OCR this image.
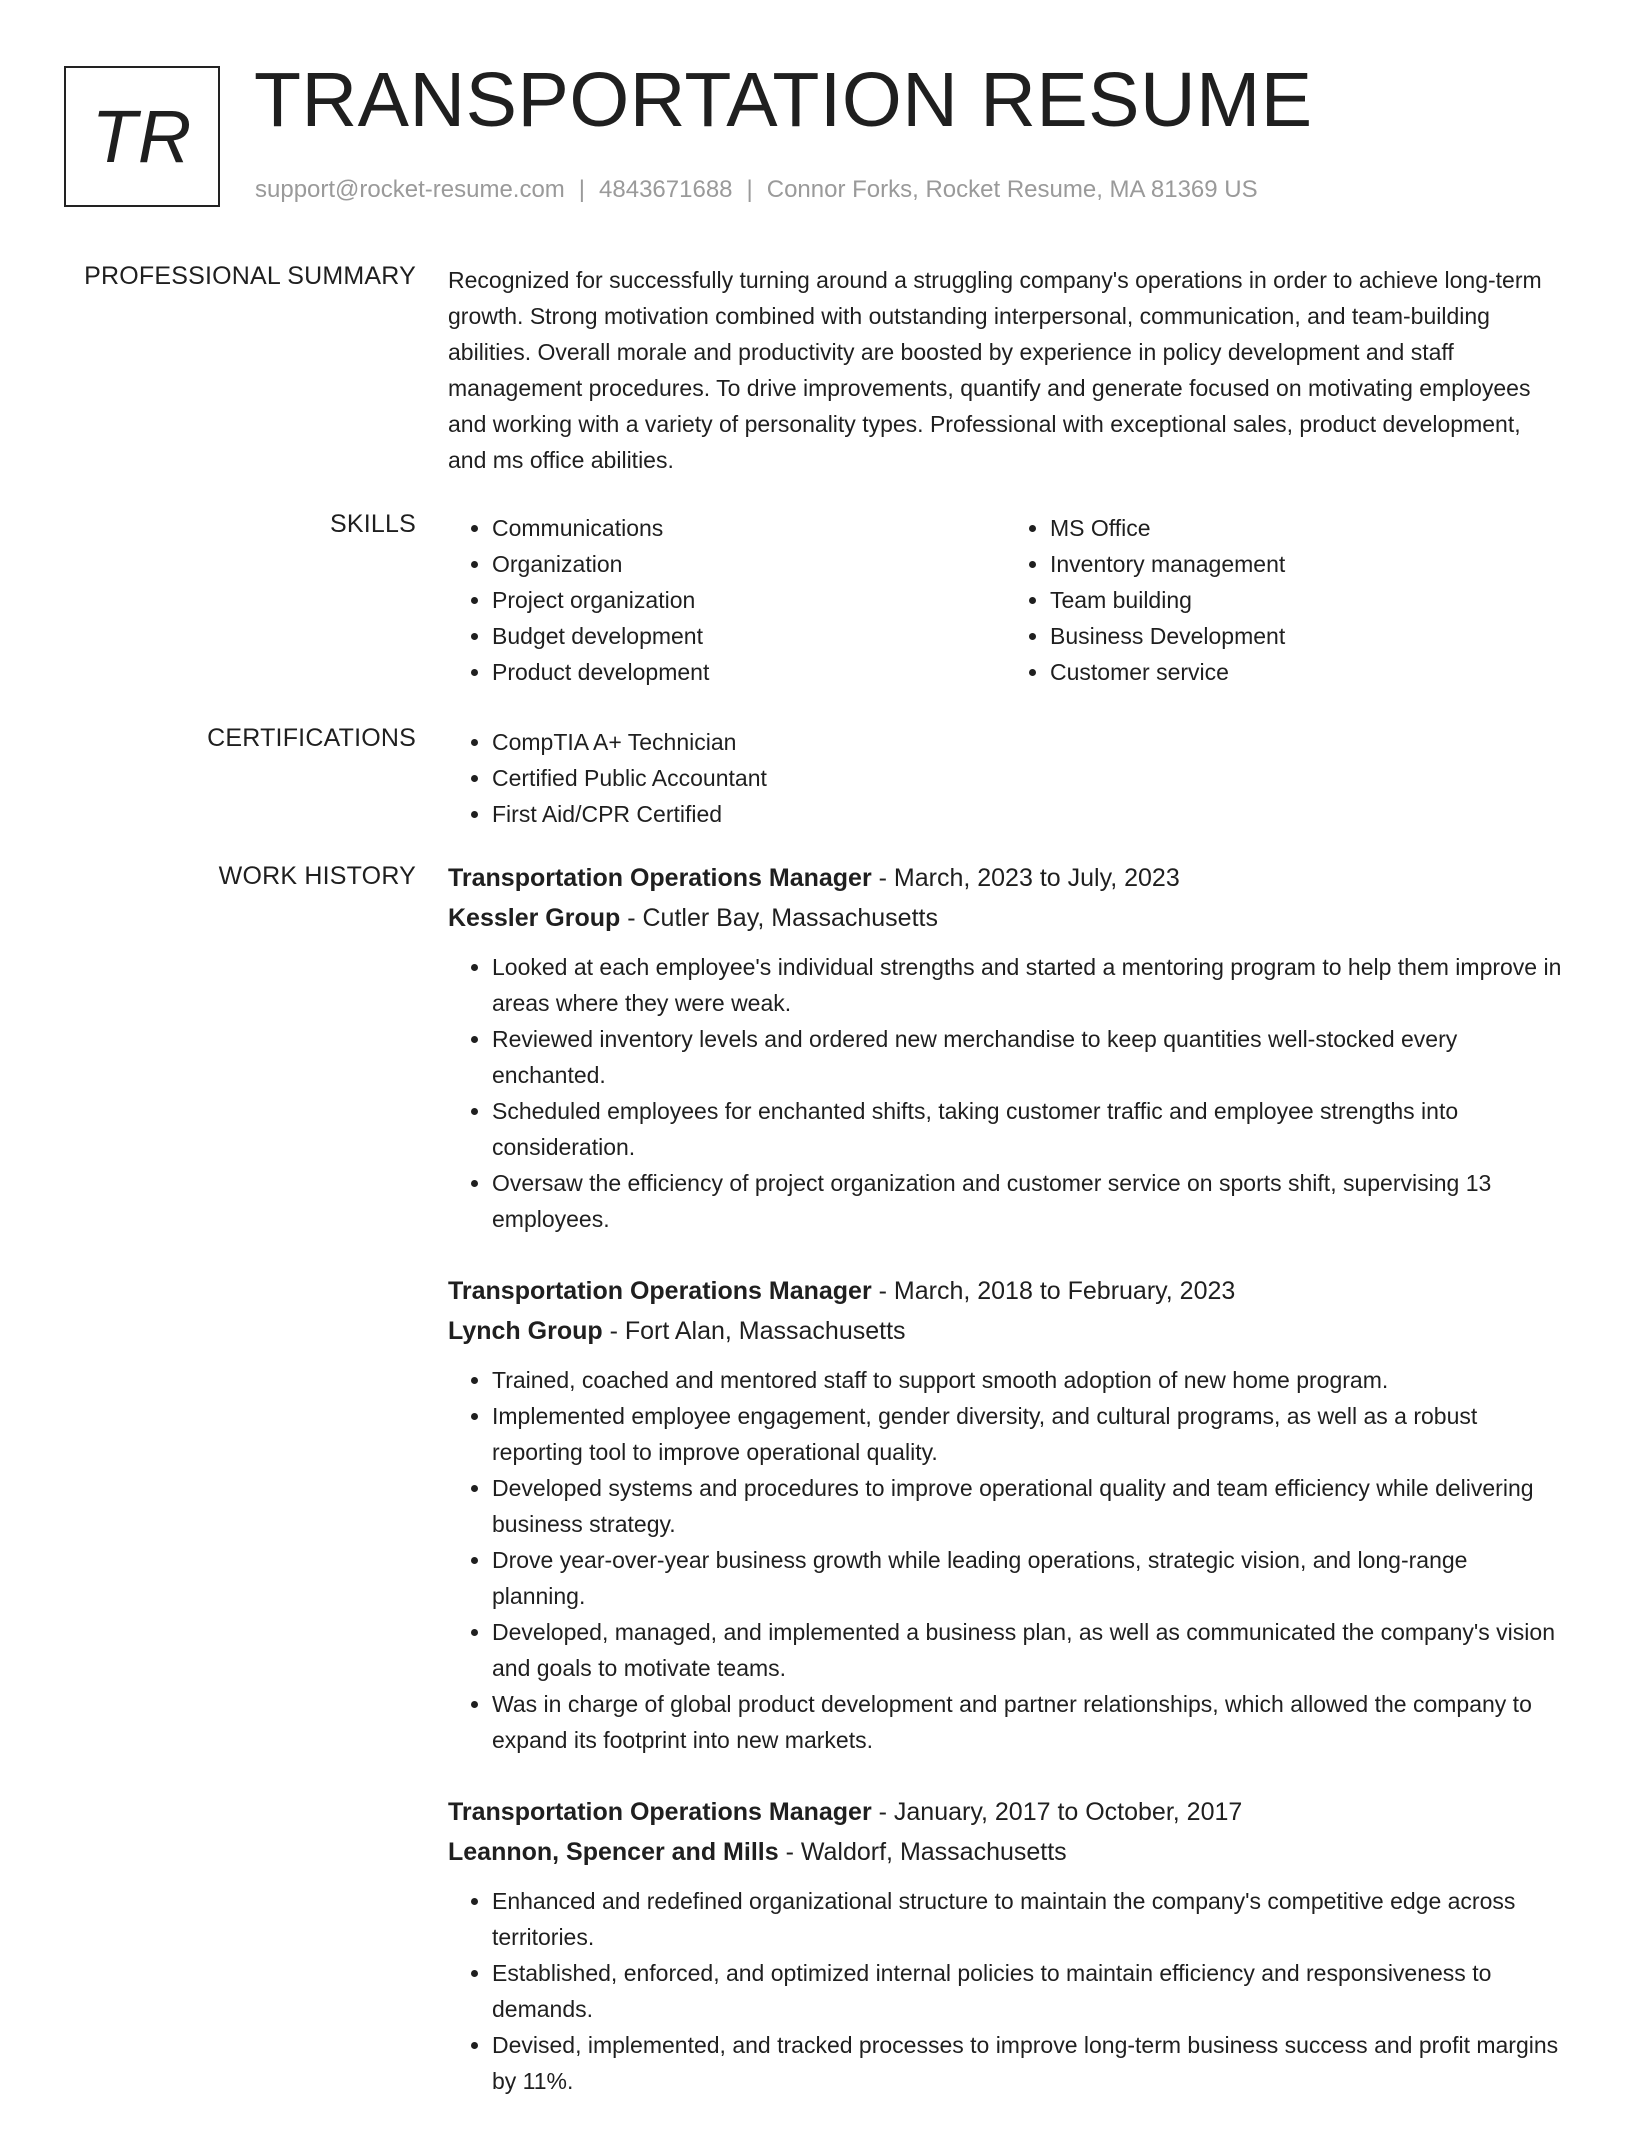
TR TRANSPORTATION RESUME
support@rocket-resume.com | 4843671688 | Connor Forks, Rocket Resume, MA 81369 US
PROFESSIONAL SUMMARY Recognized for successfully turning around a struggling company's operations in order to achieve long-term growth. Strong motivation combined with outstanding interpersonal, communication, and team-building abilities. Overall morale and productivity are boosted by experience in policy development and staff management procedures. To drive improvements, quantify and generate focused on motivating employees and working with a variety of personality types. Professional with exceptional sales, product development, and ms office abilities.

SKILLS	• Communications
• Organization
• Project organization
• Budget development
• Product development
• MS Office
• Inventory management
• Team building
• Business Development
• Customer service
CERTIFICATIONS	• CompTIA A+ Technician
• Certified Public Accountant
• First Aid/CPR Certified
WORK HISTORY Transportation Operations Manager - March, 2023 to July, 2023
Kessler Group - Cutler Bay, Massachusetts
• Looked at each employee's individual strengths and started a mentoring program to help them improve in areas where they were weak.
• Reviewed inventory levels and ordered new merchandise to keep quantities well-stocked every enchanted.
• Scheduled employees for enchanted shifts, taking customer traffic and employee strengths into consideration.
• Oversaw the efficiency of project organization and customer service on sports shift, supervising 13 employees.
Transportation Operations Manager - March, 2018 to February, 2023
Lynch Group - Fort Alan, Massachusetts
• Trained, coached and mentored staff to support smooth adoption of new home program.
• Implemented employee engagement, gender diversity, and cultural programs, as well as a robust reporting tool to improve operational quality.
• Developed systems and procedures to improve operational quality and team efficiency while delivering business strategy.
• Drove year-over-year business growth while leading operations, strategic vision, and long-range planning.
• Developed, managed, and implemented a business plan, as well as communicated the company's vision and goals to motivate teams.
• Was in charge of global product development and partner relationships, which allowed the company to expand its footprint into new markets.
Transportation Operations Manager - January, 2017 to October, 2017
Leannon, Spencer and Mills - Waldorf, Massachusetts
• Enhanced and redefined organizational structure to maintain the company's competitive edge across territories.
• Established, enforced, and optimized internal policies to maintain efficiency and responsiveness to demands.
• Devised, implemented, and tracked processes to improve long-term business success and profit margins by 11%.
